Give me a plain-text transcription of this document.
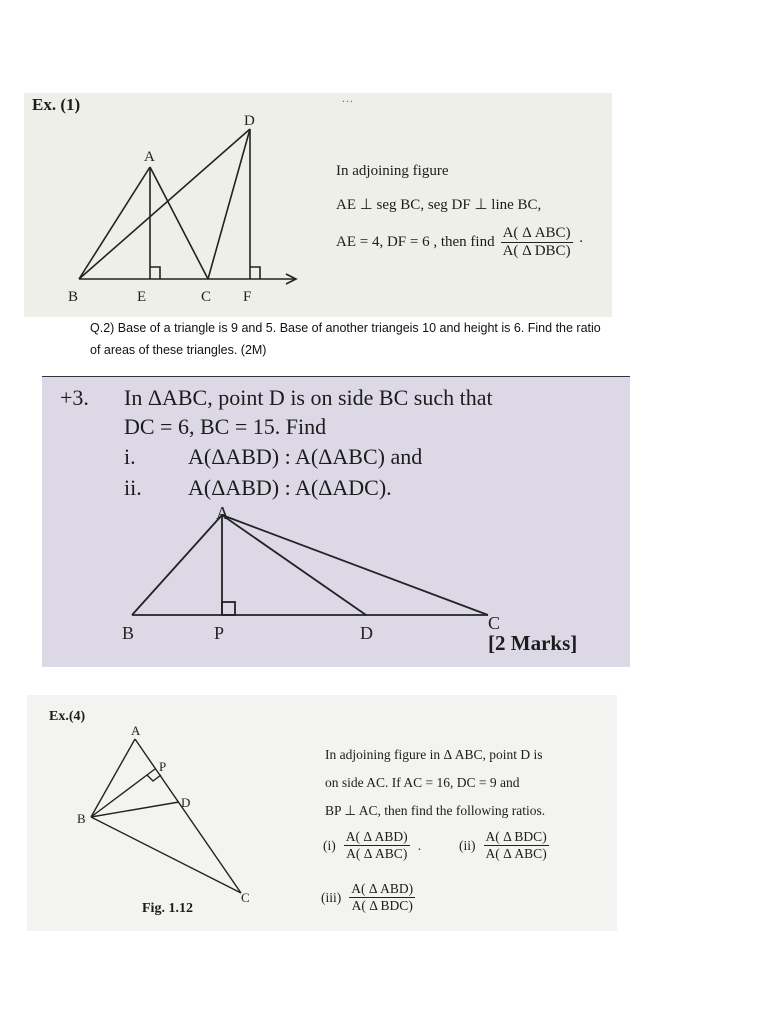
Ex. (1)	...
A
D
B	E	C F
In adjoining figure
AE ⊥ seg BC, seg DF ⊥ line BC,
AE = 4, DF = 6 , then find $\frac{\text{A( Δ ABC)}}{\text{A( Δ DBC)}}$ ·
Q.2) Base of a triangle is 9 and 5. Base of another triangeis 10 and height is 6. Find the ratio
of areas of these triangles. (2M)
+3. In ΔABC, point D is on side BC such that
DC = 6, BC = 15. Find
i. A(ΔABD) : A(ΔABC) and
ii. A(ΔABD) : A(ΔADC).
A
B	P	D	C
[2 Marks]
Ex.(4)
A
P
D
B
C
Fig. 1.12
In adjoining figure in Δ ABC, point D is
on side AC. If AC = 16, DC = 9 and
BP ⊥ AC, then find the following ratios.
$(i) \frac{\text{A( Δ ABD)}}{\text{A( Δ ABC)}}$ .	$(ii) \frac{\text{A( Δ BDC)}}{\text{A( Δ ABC)}}$
$(iii) \frac{\text{A( Δ ABD)}}{\text{A( Δ BDC)}}$
